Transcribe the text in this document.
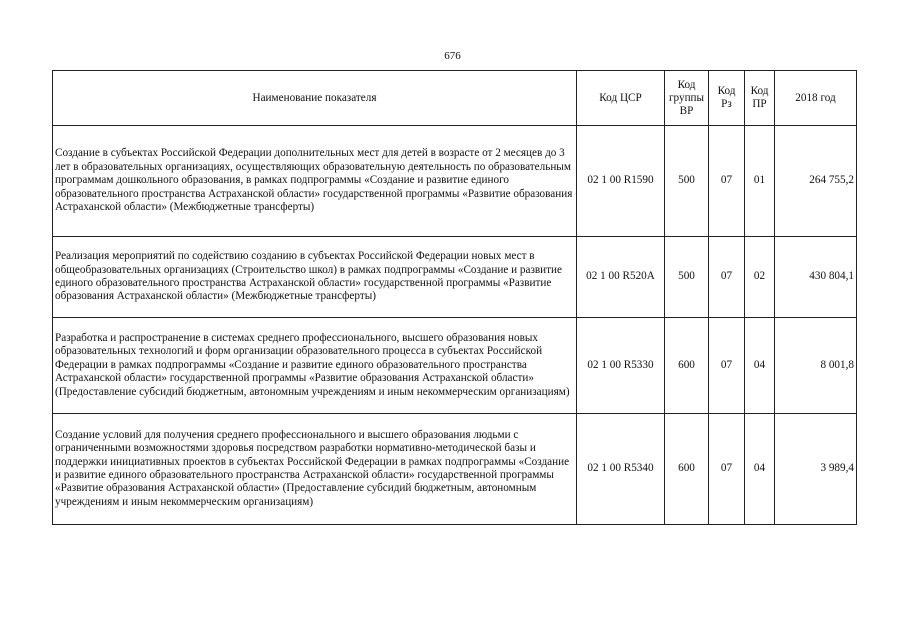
676
Наименование показателя	Код ЦСР	Код группы ВР	Код Рз	Код ПР	2018 год
Создание в субъектах Российской Федерации дополнительных мест для детей в возрасте от 2 месяцев до 3 лет в образовательных организациях, осуществляющих образовательную деятельность по образовательным программам дошкольного образования, в рамках подпрограммы «Создание и развитие единого образовательного пространства Астраханской области» государственной программы «Развитие образования Астраханской области» (Межбюджетные трансферты)	02 1 00 R1590	500	07	01	264 755,2
Реализация мероприятий по содействию созданию в субъектах Российской Федерации новых мест в общеобразовательных организациях (Строительство школ) в рамках подпрограммы «Создание и развитие единого образовательного пространства Астраханской области» государственной программы «Развитие образования Астраханской области» (Межбюджетные трансферты)	02 1 00 R520A	500	07	02	430 804,1
Разработка и распространение в системах среднего профессионального, высшего образования новых образовательных технологий и форм организации образовательного процесса в субъектах Российской Федерации в рамках подпрограммы «Создание и развитие единого образовательного пространства Астраханской области» государственной программы «Развитие образования Астраханской области» (Предоставление субсидий бюджетным, автономным учреждениям и иным некоммерческим организациям)	02 1 00 R5330	600	07	04	8 001,8
Создание условий для получения среднего профессионального и высшего образования людьми с ограниченными возможностями здоровья посредством разработки нормативно-методической базы и поддержки инициативных проектов в субъектах Российской Федерации в рамках подпрограммы «Создание и развитие единого образовательного пространства Астраханской области» государственной программы «Развитие образования Астраханской области» (Предоставление субсидий бюджетным, автономным учреждениям и иным некоммерческим организациям)	02 1 00 R5340	600	07	04	3 989,4
